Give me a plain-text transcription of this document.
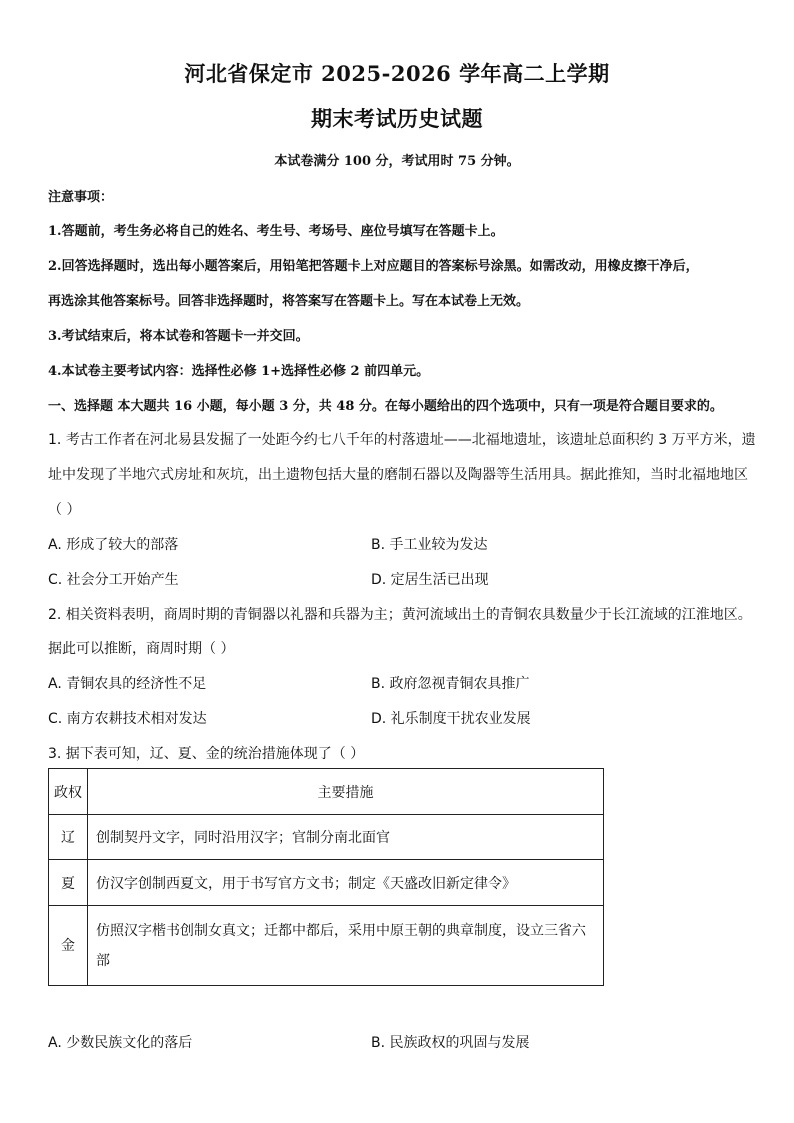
河北省保定市 2025-2026 学年高二上学期
期末考试历史试题
本试卷满分 100 分，考试用时 75 分钟。
注意事项：
1.答题前，考生务必将自己的姓名、考生号、考场号、座位号填写在答题卡上。
2.回答选择题时，选出每小题答案后，用铅笔把答题卡上对应题目的答案标号涂黑。如需改动，用橡皮擦干净后，
再选涂其他答案标号。回答非选择题时，将答案写在答题卡上。写在本试卷上无效。
3.考试结束后，将本试卷和答题卡一并交回。
4.本试卷主要考试内容：选择性必修 1+选择性必修 2 前四单元。
一、选择题 本大题共 16 小题，每小题 3 分，共 48 分。在每小题给出的四个选项中，只有一项是符合题目要求的。
1. 考古工作者在河北易县发掘了一处距今约七八千年的村落遗址——北福地遗址，该遗址总面积约 3 万平方米，遗
址中发现了半地穴式房址和灰坑，出土遗物包括大量的磨制石器以及陶器等生活用具。据此推知，当时北福地地区
（ ）
A. 形成了较大的部落	B. 手工业较为发达
C. 社会分工开始产生	D. 定居生活已出现
2. 相关资料表明，商周时期的青铜器以礼器和兵器为主；黄河流域出土的青铜农具数量少于长江流域的江淮地区。
据此可以推断，商周时期（ ）
A. 青铜农具的经济性不足	B. 政府忽视青铜农具推广
C. 南方农耕技术相对发达	D. 礼乐制度干扰农业发展
3. 据下表可知，辽、夏、金的统治措施体现了（ ）
政权	主要措施
辽	创制契丹文字，同时沿用汉字；官制分南北面官
夏	仿汉字创制西夏文，用于书写官方文书；制定《天盛改旧新定律令》
金	仿照汉字楷书创制女真文；迁都中都后，采用中原王朝的典章制度，设立三省六部
A. 少数民族文化的落后	B. 民族政权的巩固与发展
